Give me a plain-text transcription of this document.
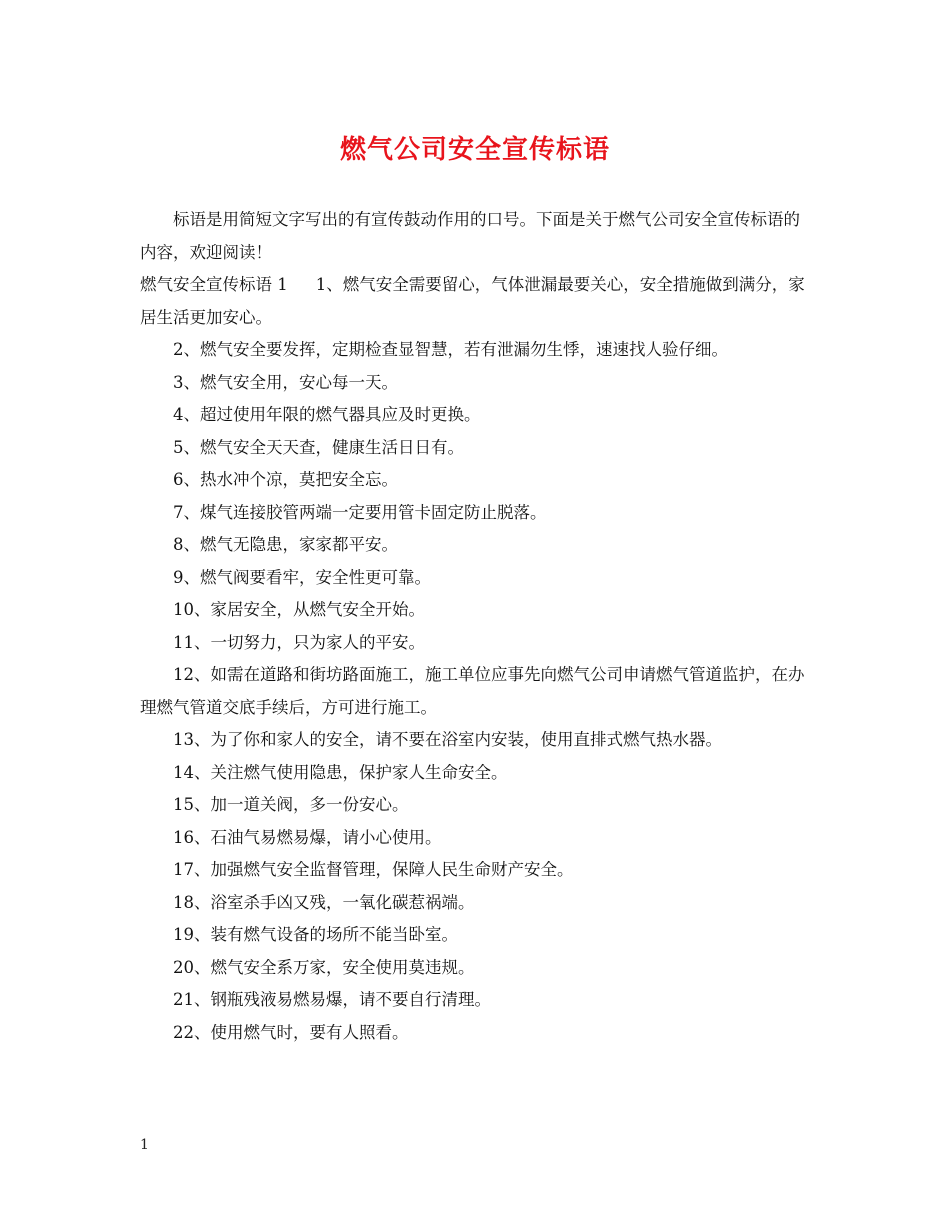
燃气公司安全宣传标语

标语是用简短文字写出的有宣传鼓动作用的口号。下面是关于燃气公司安全宣传标语的内容，欢迎阅读！

燃气安全宣传标语 1 1、燃气安全需要留心，气体泄漏最要关心，安全措施做到满分，家居生活更加安心。

2、燃气安全要发挥，定期检查显智慧，若有泄漏勿生悸，速速找人验仔细。

3、燃气安全用，安心每一天。

4、超过使用年限的燃气器具应及时更换。

5、燃气安全天天查，健康生活日日有。

6、热水冲个凉，莫把安全忘。

7、煤气连接胶管两端一定要用管卡固定防止脱落。

8、燃气无隐患，家家都平安。

9、燃气阀要看牢，安全性更可靠。

10、家居安全，从燃气安全开始。

11、一切努力，只为家人的平安。

12、如需在道路和街坊路面施工，施工单位应事先向燃气公司申请燃气管道监护，在办理燃气管道交底手续后，方可进行施工。

13、为了你和家人的安全，请不要在浴室内安装，使用直排式燃气热水器。

14、关注燃气使用隐患，保护家人生命安全。

15、加一道关阀，多一份安心。

16、石油气易燃易爆，请小心使用。

17、加强燃气安全监督管理，保障人民生命财产安全。

18、浴室杀手凶又残，一氧化碳惹祸端。

19、装有燃气设备的场所不能当卧室。

20、燃气安全系万家，安全使用莫违规。

21、钢瓶残液易燃易爆，请不要自行清理。

22、使用燃气时，要有人照看。

1
